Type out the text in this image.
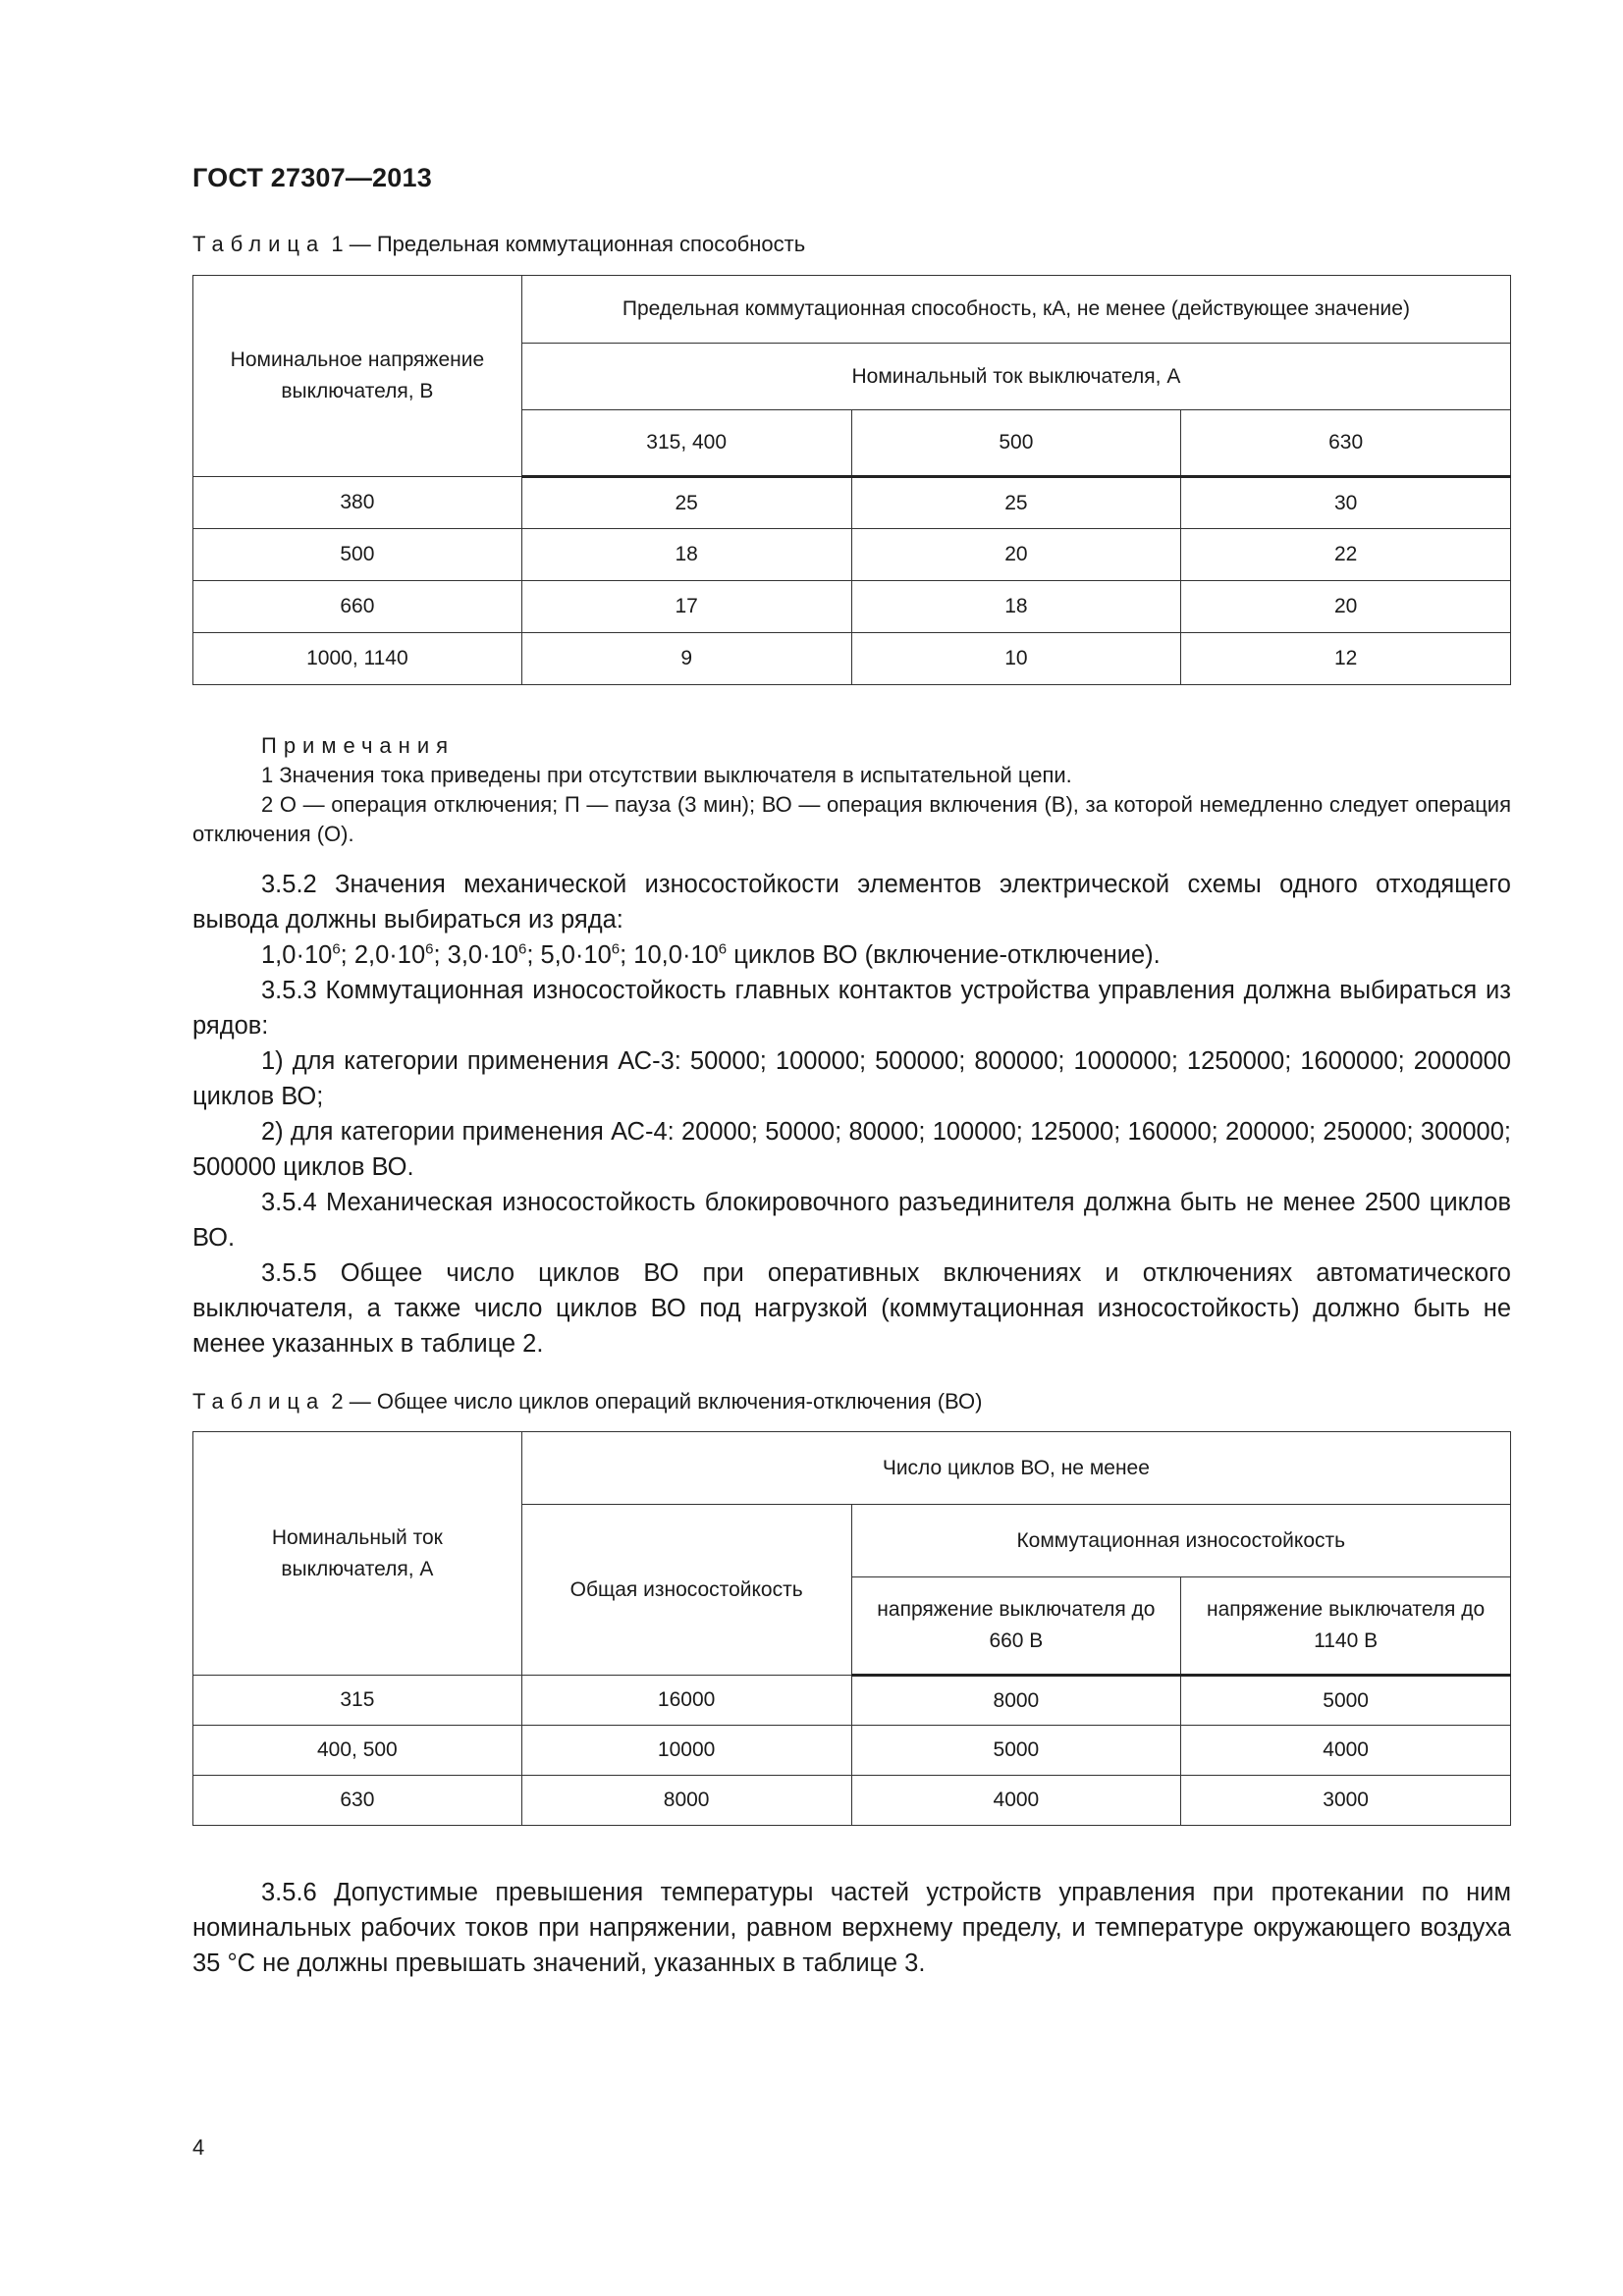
ГОСТ 27307—2013
Таблица 1 — Предельная коммутационная способность
Номинальное напряжение выключателя, В	Предельная коммутационная способность, кА, не менее (действующее значение)		
	Номинальный ток выключателя, А		
	315, 400	500	630
380	25	25	30
500	18	20	22
660	17	18	20
1000, 1140	9	10	12
Примечания
1 Значения тока приведены при отсутствии выключателя в испытательной цепи.

2 О — операция отключения; П — пауза (3 мин); ВО — операция включения (В), за которой немедленно следует операция отключения (О).

3.5.2 Значения механической износостойкости элементов электрической схемы одного отходящего вывода должны выбираться из ряда:

$1,0\cdot 10^6$; $2,0\cdot 10^6$; $3,0\cdot 10^6$; $5,0\cdot 10^6$; $10,0\cdot 10^6$ циклов ВО (включение-отключение).

3.5.3 Коммутационная износостойкость главных контактов устройства управления должна выбираться из рядов:

1) для категории применения АС-3: 50000; 100000; 500000; 800000; 1000000; 1250000; 1600000; 2000000 циклов ВО;

2) для категории применения АС-4: 20000; 50000; 80000; 100000; 125000; 160000; 200000; 250000; 300000; 500000 циклов ВО.

3.5.4 Механическая износостойкость блокировочного разъединителя должна быть не менее 2500 циклов ВО.

3.5.5 Общее число циклов ВО при оперативных включениях и отключениях автоматического выключателя, а также число циклов ВО под нагрузкой (коммутационная износостойкость) должно быть не менее указанных в таблице 2.

Таблица 2 — Общее число циклов операций включения-отключения (ВО)
Номинальный ток выключателя, А	Число циклов ВО, не менее		
	Общая износостойкость	Коммутационная износостойкость	
		напряжение выключателя до 660 В	напряжение выключателя до 1140 В
315	16000	8000	5000
400, 500	10000	5000	4000
630	8000	4000	3000

3.5.6 Допустимые превышения температуры частей устройств управления при протекании по ним номинальных рабочих токов при напряжении, равном верхнему пределу, и температуре окружающего воздуха 35 °С не должны превышать значений, указанных в таблице 3.

4
